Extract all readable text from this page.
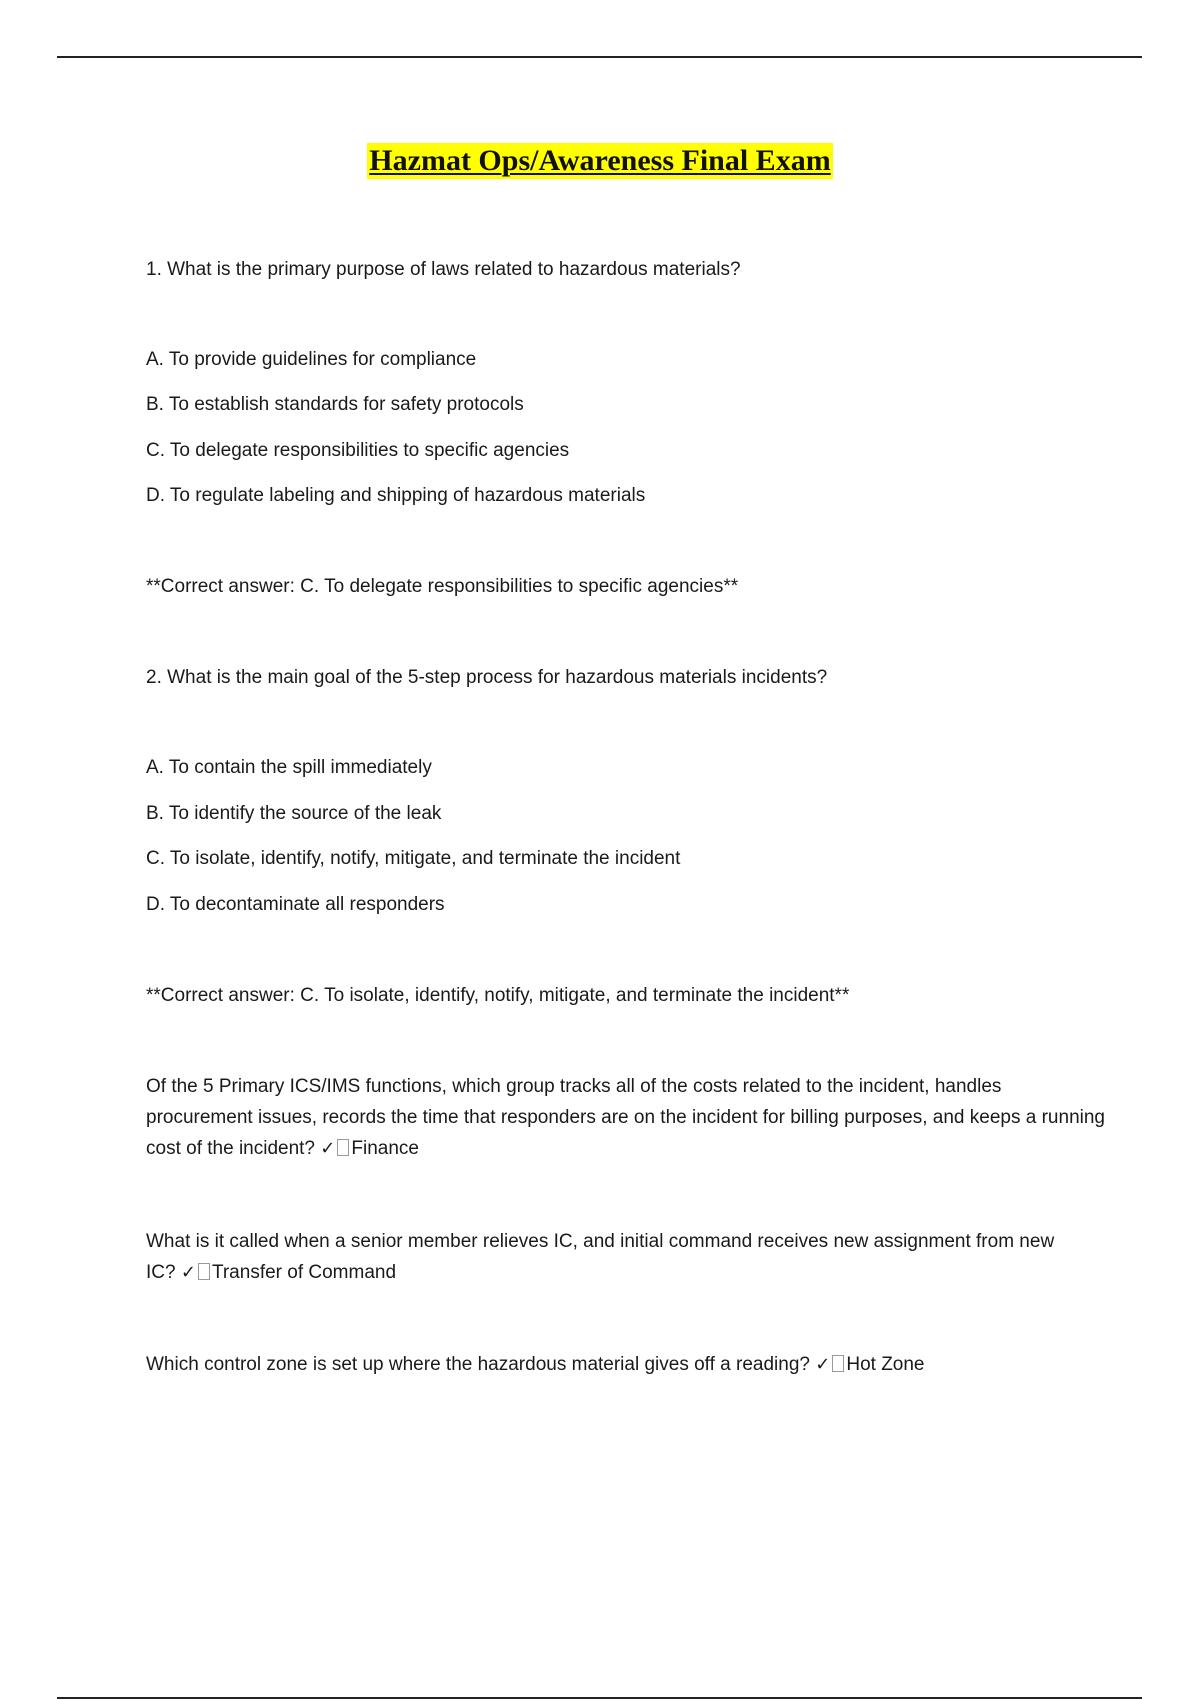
Hazmat Ops/Awareness Final Exam
1. What is the primary purpose of laws related to hazardous materials?
A. To provide guidelines for compliance
B. To establish standards for safety protocols
C. To delegate responsibilities to specific agencies
D. To regulate labeling and shipping of hazardous materials
**Correct answer: C. To delegate responsibilities to specific agencies**
2. What is the main goal of the 5-step process for hazardous materials incidents?
A. To contain the spill immediately
B. To identify the source of the leak
C. To isolate, identify, notify, mitigate, and terminate the incident
D. To decontaminate all responders
**Correct answer: C. To isolate, identify, notify, mitigate, and terminate the incident**
Of the 5 Primary ICS/IMS functions, which group tracks all of the costs related to the incident, handles procurement issues, records the time that responders are on the incident for billing purposes, and keeps a running cost of the incident? ✓ Finance
What is it called when a senior member relieves IC, and initial command receives new assignment from new IC? ✓ Transfer of Command
Which control zone is set up where the hazardous material gives off a reading? ✓ Hot Zone
